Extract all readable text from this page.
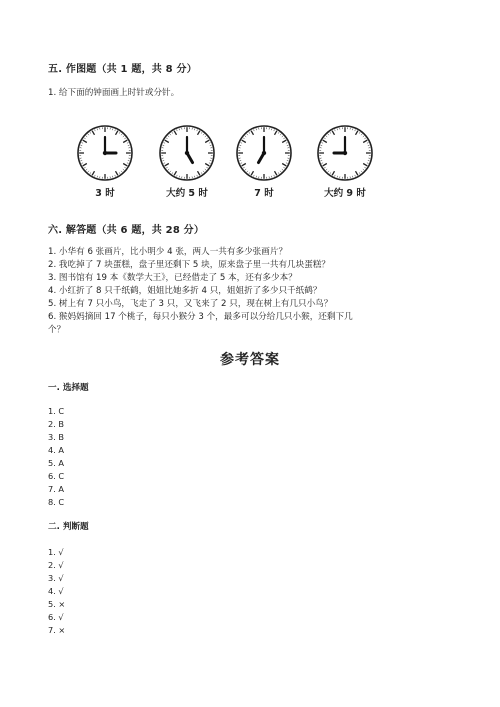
五. 作图题（共 1 题，共 8 分）
1. 给下面的钟面画上时针或分针。
3 时	大约 5 时	7 时	大约 9 时
六. 解答题（共 6 题，共 28 分）
1. 小华有 6 张画片，比小明少 4 张，两人一共有多少张画片？
2. 我吃掉了 7 块蛋糕，盘子里还剩下 5 块，原来盘子里一共有几块蛋糕？
3. 图书馆有 19 本《数学大王》，已经借走了 5 本，还有多少本？
4. 小红折了 8 只千纸鹤，姐姐比她多折 4 只，姐姐折了多少只千纸鹤？
5. 树上有 7 只小鸟，飞走了 3 只，又飞来了 2 只，现在树上有几只小鸟？
6. 猴妈妈摘回 17 个桃子，每只小猴分 3 个，最多可以分给几只小猴，还剩下几
个？
参考答案
一. 选择题
1. C
2. B
3. B
4. A
5. A
6. C
7. A
8. C
二. 判断题
1. √
2. √
3. √
4. √
5. ×
6. √
7. ×
